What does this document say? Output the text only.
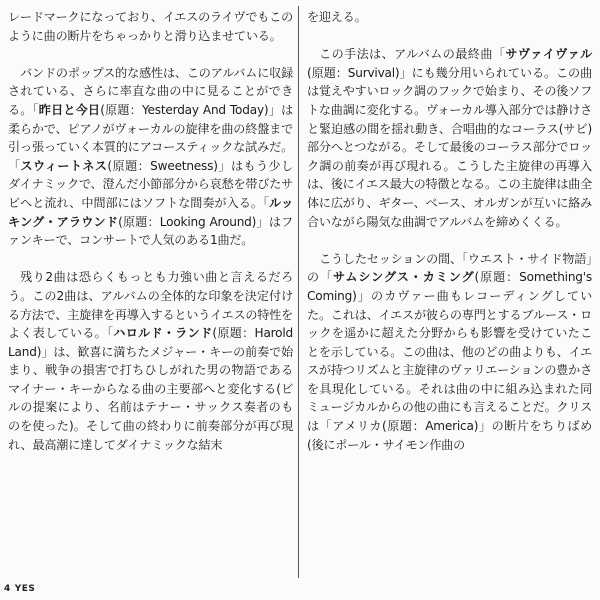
レードマークになっており、イエスのライヴでもこのように曲の断片をちゃっかりと滑り込ませている。

バンドのポップス的な感性は、このアルバムに収録されている、さらに率直な曲の中に見ることができる。「昨日と今日(原題：Yesterday And Today)」は柔らかで、ピアノがヴォーカルの旋律を曲の終盤まで引っ張っていく本質的にアコースティックな試みだ。「スウィートネス(原題：Sweetness)」はもう少しダイナミックで、澄んだ小節部分から哀愁を帯びたサビへと流れ、中間部にはソフトな間奏が入る。「ルッキング・アラウンド(原題：Looking Around)」はファンキーで、コンサートで人気のある1曲だ。

残り2曲は恐らくもっとも力強い曲と言えるだろう。この2曲は、アルバムの全体的な印象を決定付ける方法で、主旋律を再導入するというイエスの特性をよく表している。「ハロルド・ランド(原題：Harold Land)」は、歓喜に満ちたメジャー・キーの前奏で始まり、戦争の損害で打ちひしがれた男の物語であるマイナー・キーからなる曲の主要部へと変化する(ビルの提案により、名前はテナー・サックス奏者のものを使った)。そして曲の終わりに前奏部分が再び現れ、最高潮に達してダイナミックな結末

を迎える。

この手法は、アルバムの最終曲「サヴァイヴァル(原題：Survival)」にも幾分用いられている。この曲は覚えやすいロック調のフックで始まり、その後ソフトな曲調に変化する。ヴォーカル導入部分では静けさと緊迫感の間を揺れ動き、合唱曲的なコーラス(サビ)部分へとつながる。そして最後のコーラス部分でロック調の前奏が再び現れる。こうした主旋律の再導入は、後にイエス最大の特徴となる。この主旋律は曲全体に広がり、ギター、ベース、オルガンが互いに絡み合いながら陽気な曲調でアルバムを締めくくる。

こうしたセッションの間、「ウエスト・サイド物語」の「サムシングス・カミング(原題：Something's Coming)」のカヴァー曲もレコーディングしていた。これは、イエスが彼らの専門とするブルース・ロックを遥かに超えた分野からも影響を受けていたことを示している。この曲は、他のどの曲よりも、イエスが持つリズムと主旋律のヴァリエーションの豊かさを具現化している。それは曲の中に組み込まれた同ミュージカルからの他の曲にも言えることだ。クリスは「アメリカ(原題：America)」の断片をちりばめ(後にポール・サイモン作曲の

4 YES
